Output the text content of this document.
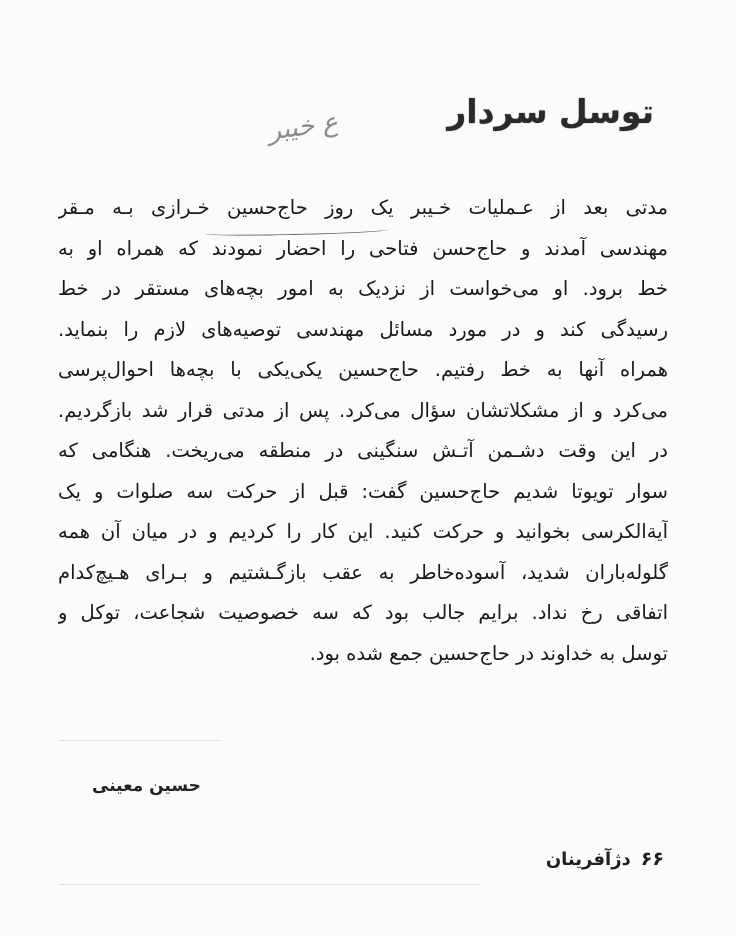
توسل سردار
ع خیبر
مدتی بعد از عـملیات خـیبر یک روز حاج‌حسین خـرازی بـه مـقر
مهندسی آمدند و حاج‌حسن فتاحی را احضار نمودند که همراه او به
خط برود. او می‌خواست از نزدیک به امور بچه‌های مستقر در خط
رسیدگی کند و در مورد مسائل مهندسی توصیه‌های لازم را بنماید.
همراه آنها به خط رفتیم. حاج‌حسین یکی‌یکی با بچه‌ها احوال‌پرسی
می‌کرد و از مشکلاتشان سؤال می‌کرد. پس از مدتی قرار شد بازگردیم.
در این وقت دشـمن آتـش سنگینی در منطقه می‌ریخت. هنگامی که
سوار تویوتا شدیم حاج‌حسین گفت: قبل از حرکت سه صلوات و یک
آیة‌الکرسی بخوانید و حرکت کنید. این کار را کردیم و در میان آن همه
گلوله‌باران شدید، آسوده‌خاطر به عقب بازگـشتیم و بـرای هـیچ‌کدام
اتفاقی رخ نداد. برایم جالب بود که سه خصوصیت شجاعت، توکل و
توسل به خداوند در حاج‌حسین جمع شده بود.
حسین معینی
۶۶
دژآفرینان
